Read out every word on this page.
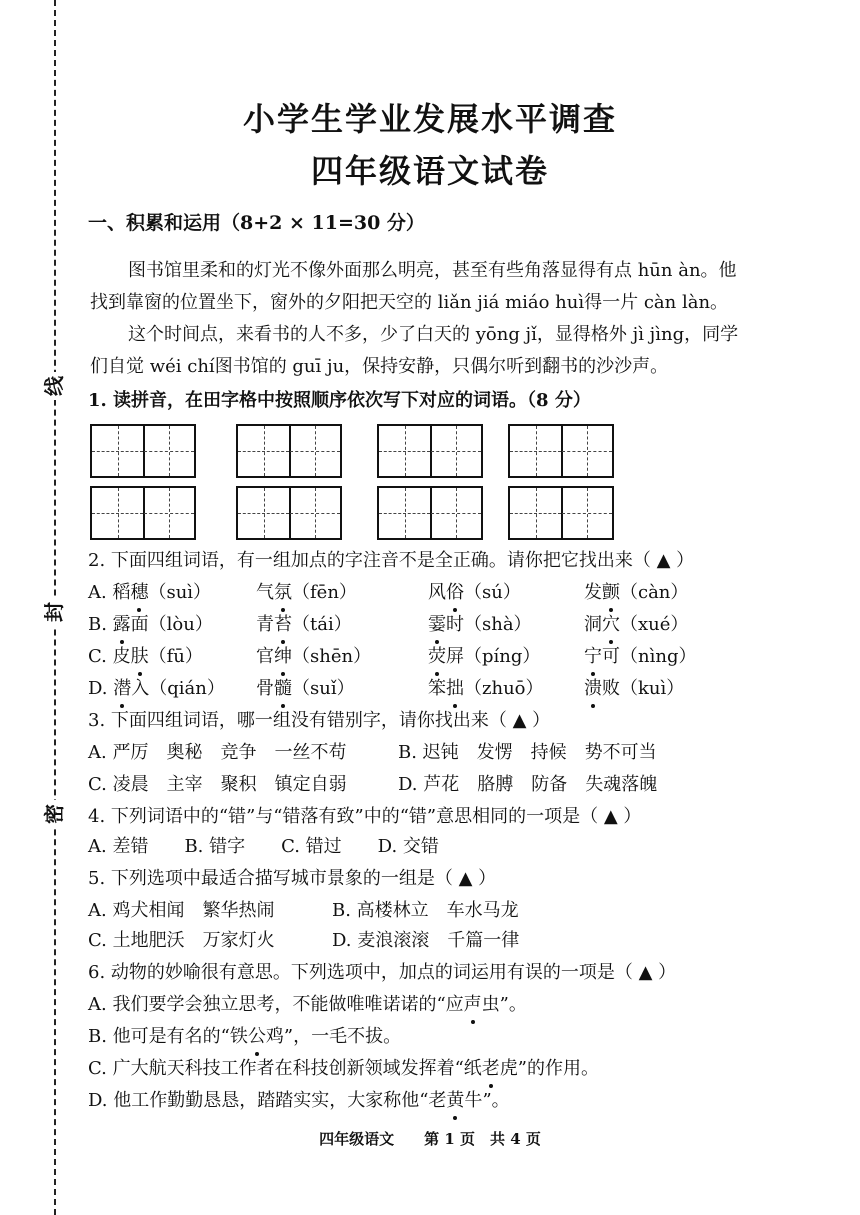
线
封
密
小学生学业发展水平调查
四年级语文试卷
一、积累和运用（8+2 × 11=30 分）
图书馆里柔和的灯光不像外面那么明亮，甚至有些角落显得有点 hūn àn。他
找到靠窗的位置坐下，窗外的夕阳把天空的 liǎn jiá miáo huì得一片 càn làn。
这个时间点，来看书的人不多，少了白天的 yōng jǐ，显得格外 jì jìng，同学
们自觉 wéi chí图书馆的 guī ju，保持安静，只偶尔听到翻书的沙沙声。
1. 读拼音，在田字格中按照顺序依次写下对应的词语。（8 分）
2. 下面四组词语，有一组加点的字注音不是全正确。请你把它找出来（ ▲ ）
A. 稻穗（suì） 气氛（fēn）	风俗（sú）	发颤（càn）
B. 露面（lòu） 青苔（tái）	霎时（shà）	洞穴（xué）
C. 皮肤（fū）	官绅（shēn）	荧屏（píng） 宁可（nìng）
D. 潜入（qián） 骨髓（suǐ）	笨拙（zhuō） 溃败（kuì）
3. 下面四组词语，哪一组没有错别字，请你找出来（ ▲ ）
A. 严厉　奥秘　竞争　一丝不苟	B. 迟钝　发愣　持候　势不可当
C. 凌晨　主宰　聚积　镇定自弱	D. 芦花　胳膊　防备　失魂落魄
4. 下列词语中的“错”与“错落有致”中的“错”意思相同的一项是（ ▲ ）
A. 差错　　B. 错字　　C. 错过　　D. 交错
5. 下列选项中最适合描写城市景象的一组是（ ▲ ）
A. 鸡犬相闻　繁华热闹	B. 高楼林立　车水马龙
C. 土地肥沃　万家灯火	D. 麦浪滚滚　千篇一律
6. 动物的妙喻很有意思。下列选项中，加点的词运用有误的一项是（ ▲ ）
A. 我们要学会独立思考，不能做唯唯诺诺的“应声虫”。
B. 他可是有名的“铁公鸡”，一毛不拔。
C. 广大航天科技工作者在科技创新领域发挥着“纸老虎”的作用。
D. 他工作勤勤恳恳，踏踏实实，大家称他“老黄牛”。
四年级语文　　第 1 页　共 4 页
